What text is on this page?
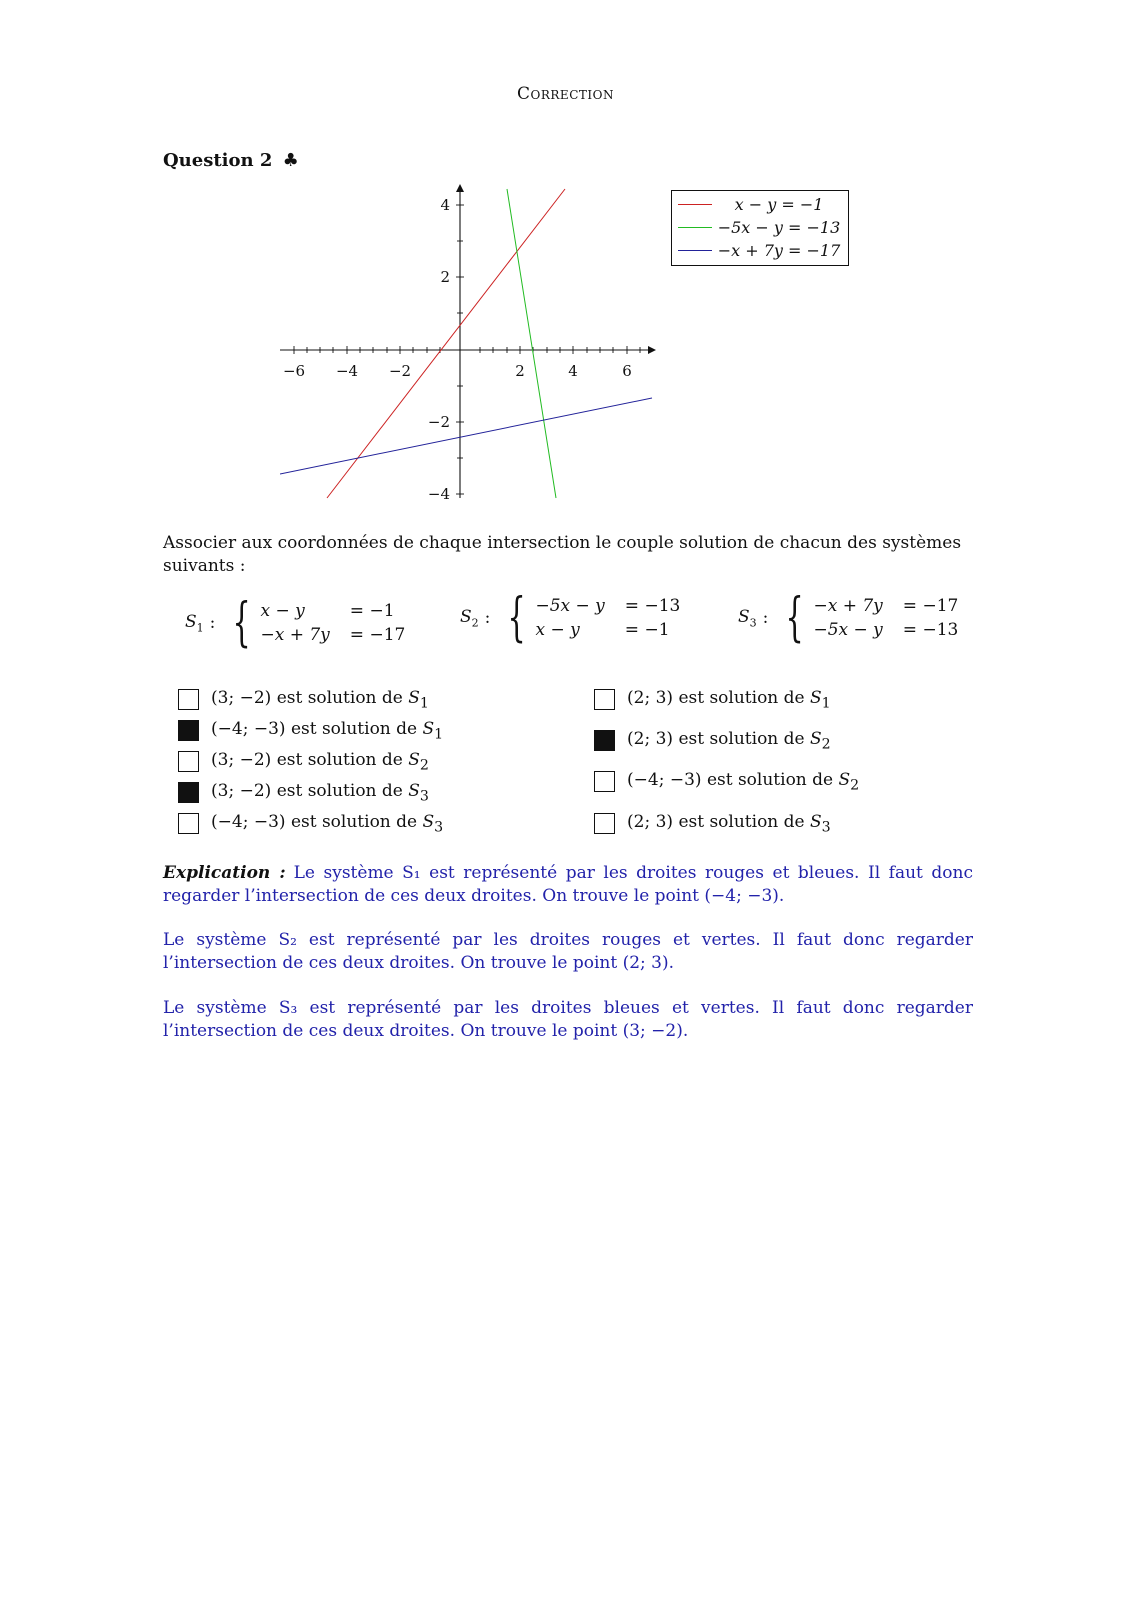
Correction
Question 2 ♣
−6 −4 −2	2	4	6
4
2
−2
−4
x − y = −1
−5x − y = −13
−x + 7y = −17
Associer aux coordonnées de chaque intersection le couple solution de chacun des systèmes suivants :
$S_1$ : { x − y	= −1
−x + 7y = −17
$S_2$ : { −5x − y = −13
x − y	= −1
$S_3$ : { −x + 7y = −17
−5x − y = −13
(3; −2) est solution de $S_1$
(−4; −3) est solution de $S_1$
(3; −2) est solution de $S_2$
(3; −2) est solution de $S_3$
(−4; −3) est solution de $S_3$
(2; 3) est solution de $S_1$
(2; 3) est solution de $S_2$
(−4; −3) est solution de $S_2$
(2; 3) est solution de $S_3$
Explication : Le système S₁ est représenté par les droites rouges et bleues. Il faut donc regarder l’intersection de ces deux droites. On trouve le point (−4; −3).
Le système S₂ est représenté par les droites rouges et vertes. Il faut donc regarder l’intersection de ces deux droites. On trouve le point (2; 3).
Le système S₃ est représenté par les droites bleues et vertes. Il faut donc regarder l’intersection de ces deux droites. On trouve le point (3; −2).
